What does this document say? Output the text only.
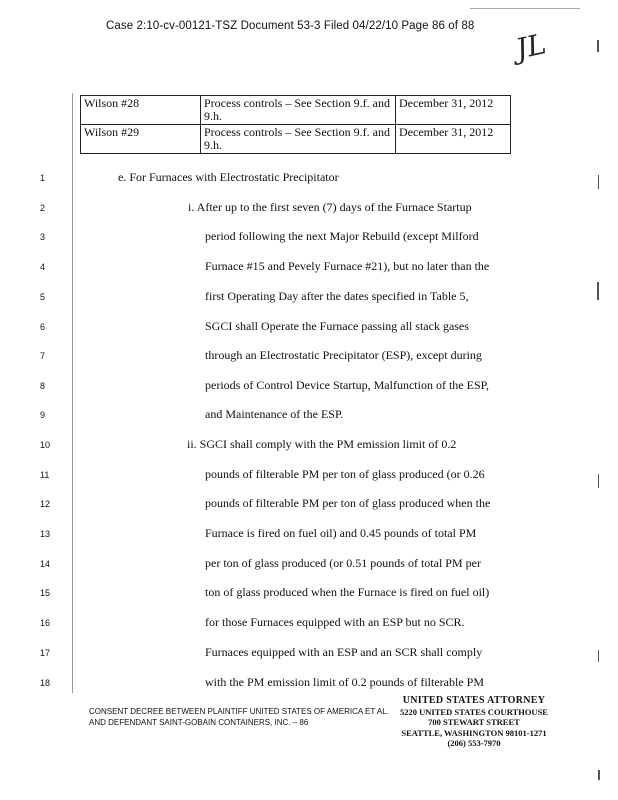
Case 2:10-cv-00121-TSZ Document 53-3 Filed 04/22/10 Page 86 of 88
JL
Wilson #28	Process controls – See Section 9.f. and 9.h.	December 31, 2012
Wilson #29	Process controls – See Section 9.f. and 9.h.	December 31, 2012
1	e. For Furnaces with Electrostatic Precipitator
2	i. After up to the first seven (7) days of the Furnace Startup
3	period following the next Major Rebuild (except Milford
4	Furnace #15 and Pevely Furnace #21), but no later than the
5	first Operating Day after the dates specified in Table 5,
6	SGCI shall Operate the Furnace passing all stack gases
7	through an Electrostatic Precipitator (ESP), except during
8	periods of Control Device Startup, Malfunction of the ESP,
9	and Maintenance of the ESP.
10	ii. SGCI shall comply with the PM emission limit of 0.2
11	pounds of filterable PM per ton of glass produced (or 0.26
12	pounds of filterable PM per ton of glass produced when the
13	Furnace is fired on fuel oil) and 0.45 pounds of total PM
14	per ton of glass produced (or 0.51 pounds of total PM per
15	ton of glass produced when the Furnace is fired on fuel oil)
16	for those Furnaces equipped with an ESP but no SCR.
17	Furnaces equipped with an ESP and an SCR shall comply
18	with the PM emission limit of 0.2 pounds of filterable PM
CONSENT DECREE BETWEEN PLAINTIFF UNITED STATES OF AMERICA ET AL.
AND DEFENDANT SAINT-GOBAIN CONTAINERS, INC. – 86
UNITED STATES ATTORNEY
5220 UNITED STATES COURTHOUSE
700 STEWART STREET
SEATTLE, WASHINGTON 98101-1271
(206) 553-7970
